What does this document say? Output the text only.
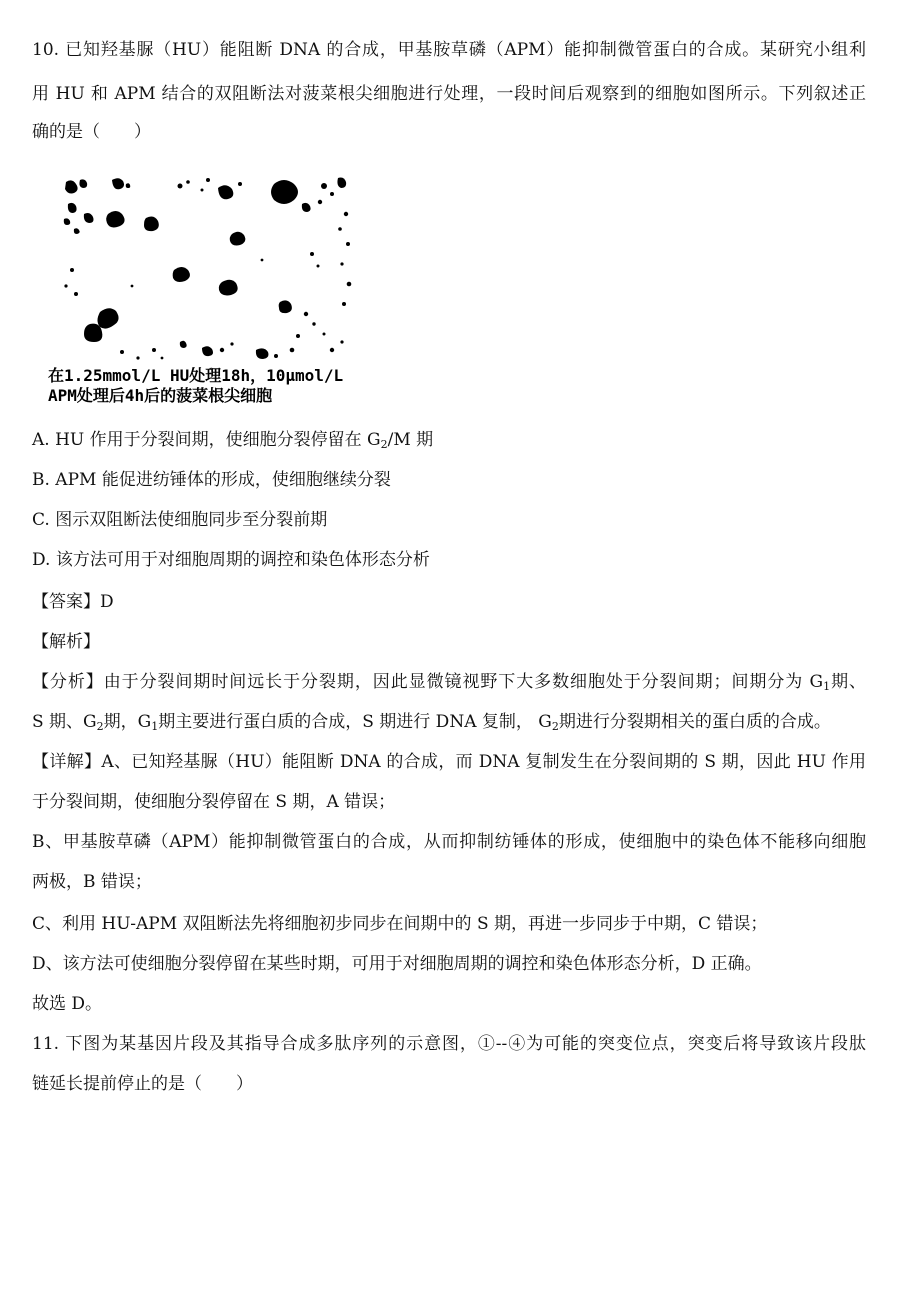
10. 已知羟基脲（HU）能阻断 DNA 的合成，甲基胺草磷（APM）能抑制微管蛋白的合成。某研究小组利
用 HU 和 APM 结合的双阻断法对菠菜根尖细胞进行处理，一段时间后观察到的细胞如图所示。下列叙述正
确的是（　　）
在1.25mmol/L HU处理18h，10μmol/L
APM处理后4h后的菠菜根尖细胞
A. HU 作用于分裂间期，使细胞分裂停留在 $G_2/M$ 期
B. APM 能促进纺锤体的形成，使细胞继续分裂
C. 图示双阻断法使细胞同步至分裂前期
D. 该方法可用于对细胞周期的调控和染色体形态分析
【答案】D
【解析】
【分析】由于分裂间期时间远长于分裂期，因此显微镜视野下大多数细胞处于分裂间期；间期分为 $G_1$期、
S 期、$G_2$期，$G_1$期主要进行蛋白质的合成，S 期进行 DNA 复制， $G_2$期进行分裂期相关的蛋白质的合成。
【详解】A、已知羟基脲（HU）能阻断 DNA 的合成，而 DNA 复制发生在分裂间期的 S 期，因此 HU 作用
于分裂间期，使细胞分裂停留在 S 期，A 错误；
B、甲基胺草磷（APM）能抑制微管蛋白的合成，从而抑制纺锤体的形成，使细胞中的染色体不能移向细胞
两极，B 错误；
C、利用 HU-APM 双阻断法先将细胞初步同步在间期中的 S 期，再进一步同步于中期，C 错误；
D、该方法可使细胞分裂停留在某些时期，可用于对细胞周期的调控和染色体形态分析，D 正确。
故选 D。
11. 下图为某基因片段及其指导合成多肽序列的示意图，①--④为可能的突变位点，突变后将导致该片段肽
链延长提前停止的是（　　）
